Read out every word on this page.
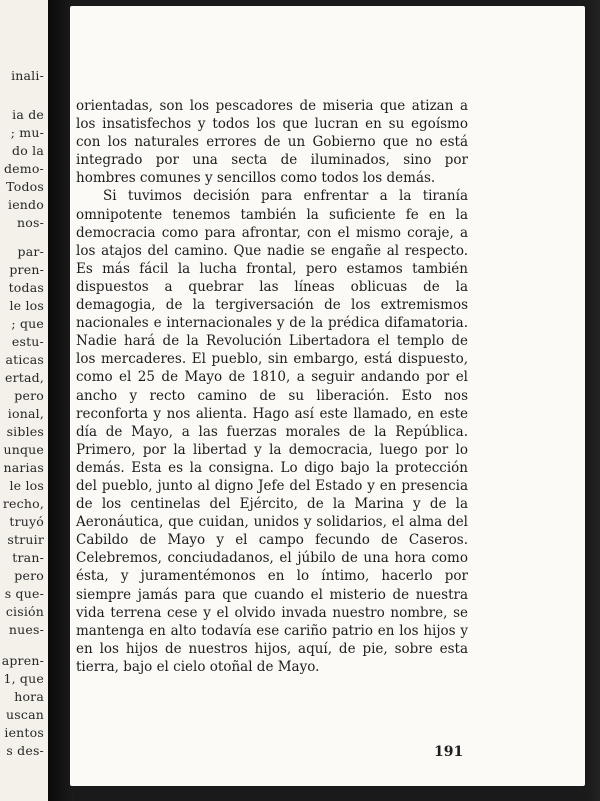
inali-
ia de
; mu-
do la
demo-
Todos
iendo
nos-
par-
pren-
todas
le los
; que
estu-
aticas
ertad,
pero
ional,
sibles
unque
narias
le los
recho,
truyó
struir
tran-
pero
s que-
cisión
nues-
apren-
1, que
hora
uscan
ientos
s des-

orientadas, son los pescadores de miseria que atizan a los insatisfechos y todos los que lucran en su egoísmo con los naturales errores de un Gobierno que no está integrado por una secta de iluminados, sino por hombres comunes y sencillos como todos los demás.

Si tuvimos decisión para enfrentar a la tiranía omnipotente tenemos también la suficiente fe en la democracia como para afrontar, con el mismo coraje, a los atajos del camino. Que nadie se engañe al respecto. Es más fácil la lucha frontal, pero estamos también dispuestos a quebrar las líneas oblicuas de la demagogia, de la tergiversación de los extremismos nacionales e internacionales y de la prédica difamatoria. Nadie hará de la Revolución Libertadora el templo de los mercaderes. El pueblo, sin embargo, está dispuesto, como el 25 de Mayo de 1810, a seguir andando por el ancho y recto camino de su liberación. Esto nos reconforta y nos alienta. Hago así este llamado, en este día de Mayo, a las fuerzas morales de la República. Primero, por la libertad y la democracia, luego por lo demás. Esta es la consigna. Lo digo bajo la protección del pueblo, junto al digno Jefe del Estado y en presencia de los centinelas del Ejército, de la Marina y de la Aeronáutica, que cuidan, unidos y solidarios, el alma del Cabildo de Mayo y el campo fecundo de Caseros. Celebremos, conciudadanos, el júbilo de una hora como ésta, y juramentémonos en lo íntimo, hacerlo por siempre jamás para que cuando el misterio de nuestra vida terrena cese y el olvido invada nuestro nombre, se mantenga en alto todavía ese cariño patrio en los hijos y en los hijos de nuestros hijos, aquí, de pie, sobre esta tierra, bajo el cielo otoñal de Mayo.

191
